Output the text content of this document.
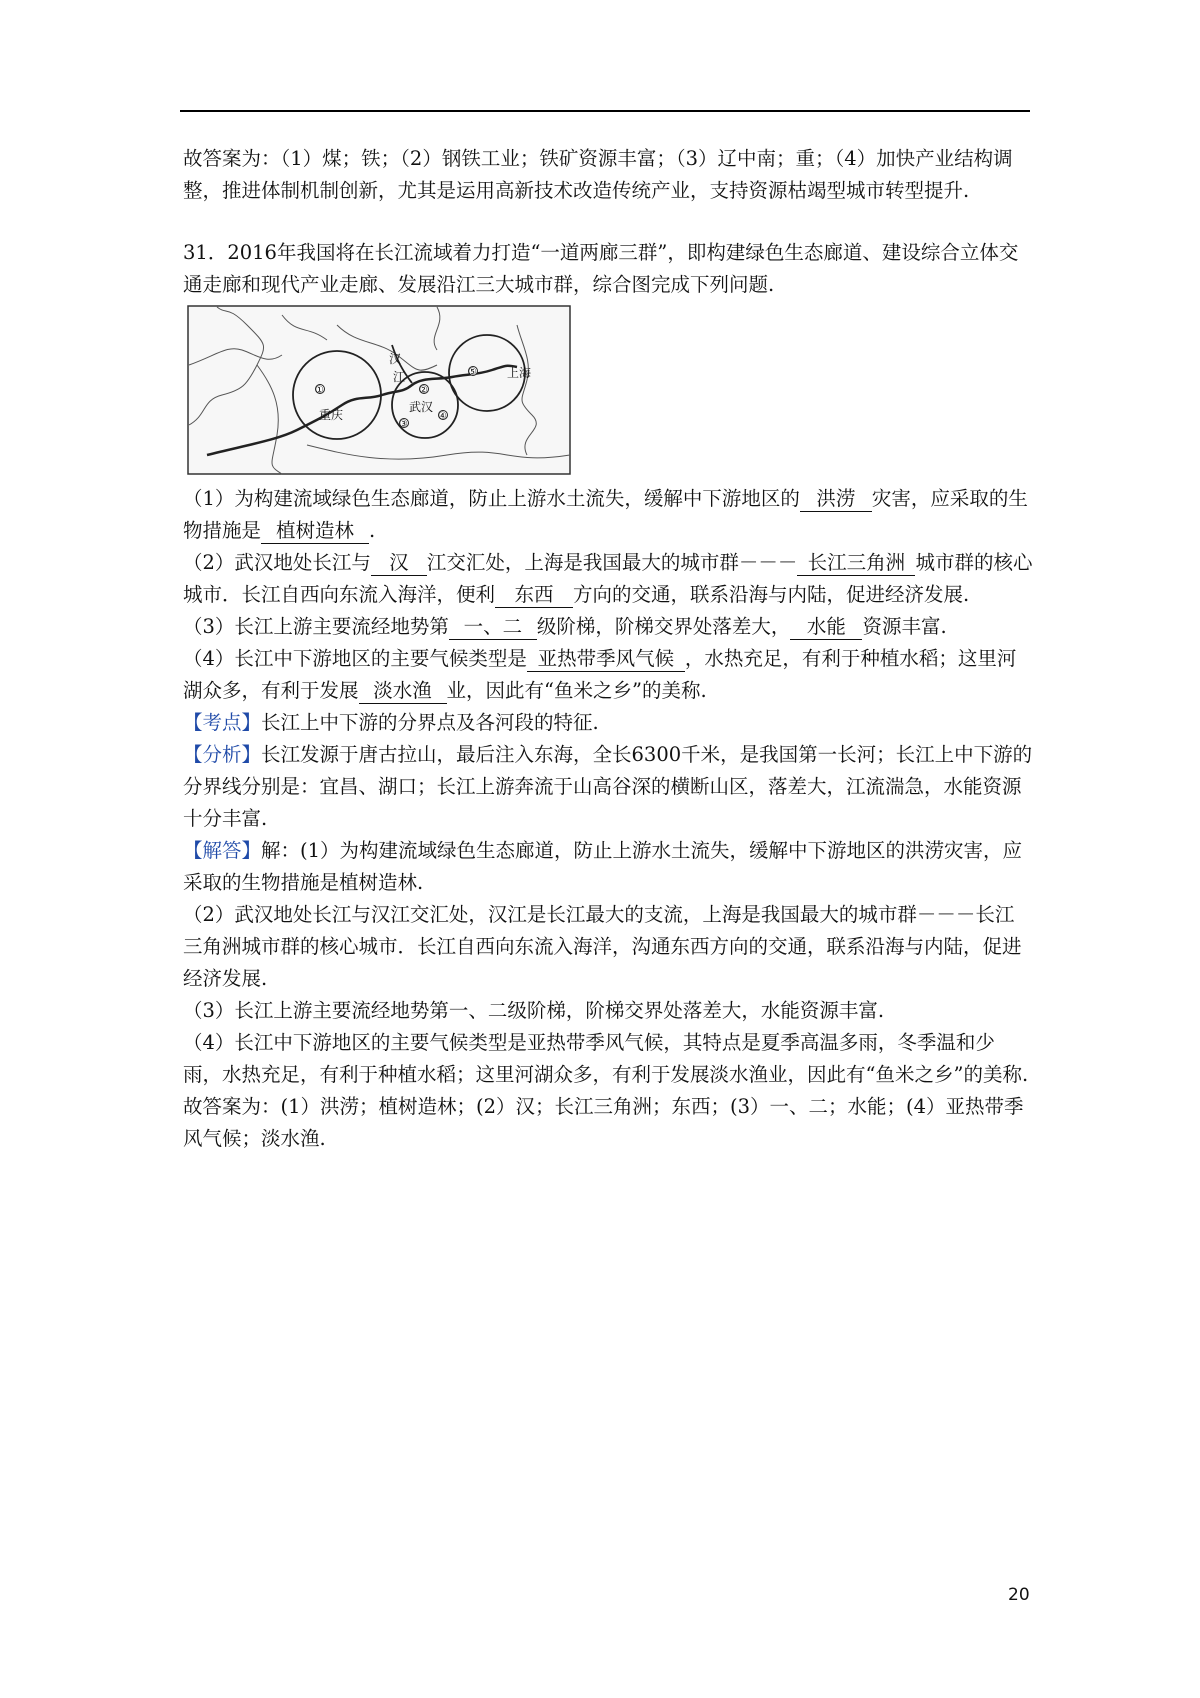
故答案为：（1）煤；铁；（2）钢铁工业；铁矿资源丰富；（3）辽中南；重；（4）加快产业结构调整，推进体制机制创新，尤其是运用高新技术改造传统产业，支持资源枯竭型城市转型提升.

31．2016年我国将在长江流域着力打造“一道两廊三群”，即构建绿色生态廊道、建设综合立体交通走廊和现代产业走廊、发展沿江三大城市群，综合图完成下列问题.

①	②
③
④
⑤
重庆
武汉
汉
江	上海

（1）为构建流域绿色生态廊道，防止上游水土流失，缓解中下游地区的 洪涝 灾害，应采取的生物措施是 植树造林 .

（2）武汉地处长江与 汉 江交汇处，上海是我国最大的城市群－－－ 长江三角洲 城市群的核心城市．长江自西向东流入海洋，便利 东西 方向的交通，联系沿海与内陆，促进经济发展.

（3）长江上游主要流经地势第 一、二 级阶梯，阶梯交界处落差大， 水能 资源丰富.

（4）长江中下游地区的主要气候类型是 亚热带季风气候 ，水热充足，有利于种植水稻；这里河湖众多，有利于发展 淡水渔 业，因此有“鱼米之乡”的美称.

【考点】长江上中下游的分界点及各河段的特征.

【分析】长江发源于唐古拉山，最后注入东海，全长6300千米，是我国第一长河；长江上中下游的分界线分别是：宜昌、湖口；长江上游奔流于山高谷深的横断山区，落差大，江流湍急，水能资源十分丰富.

【解答】解：(1）为构建流域绿色生态廊道，防止上游水土流失，缓解中下游地区的洪涝灾害，应采取的生物措施是植树造林.

（2）武汉地处长江与汉江交汇处，汉江是长江最大的支流，上海是我国最大的城市群－－－长江三角洲城市群的核心城市．长江自西向东流入海洋，沟通东西方向的交通，联系沿海与内陆，促进经济发展.

（3）长江上游主要流经地势第一、二级阶梯，阶梯交界处落差大，水能资源丰富.

（4）长江中下游地区的主要气候类型是亚热带季风气候，其特点是夏季高温多雨，冬季温和少雨，水热充足，有利于种植水稻；这里河湖众多，有利于发展淡水渔业，因此有“鱼米之乡”的美称.

故答案为：(1）洪涝；植树造林；(2）汉；长江三角洲；东西；(3）一、二；水能；(4）亚热带季风气候；淡水渔.

20
